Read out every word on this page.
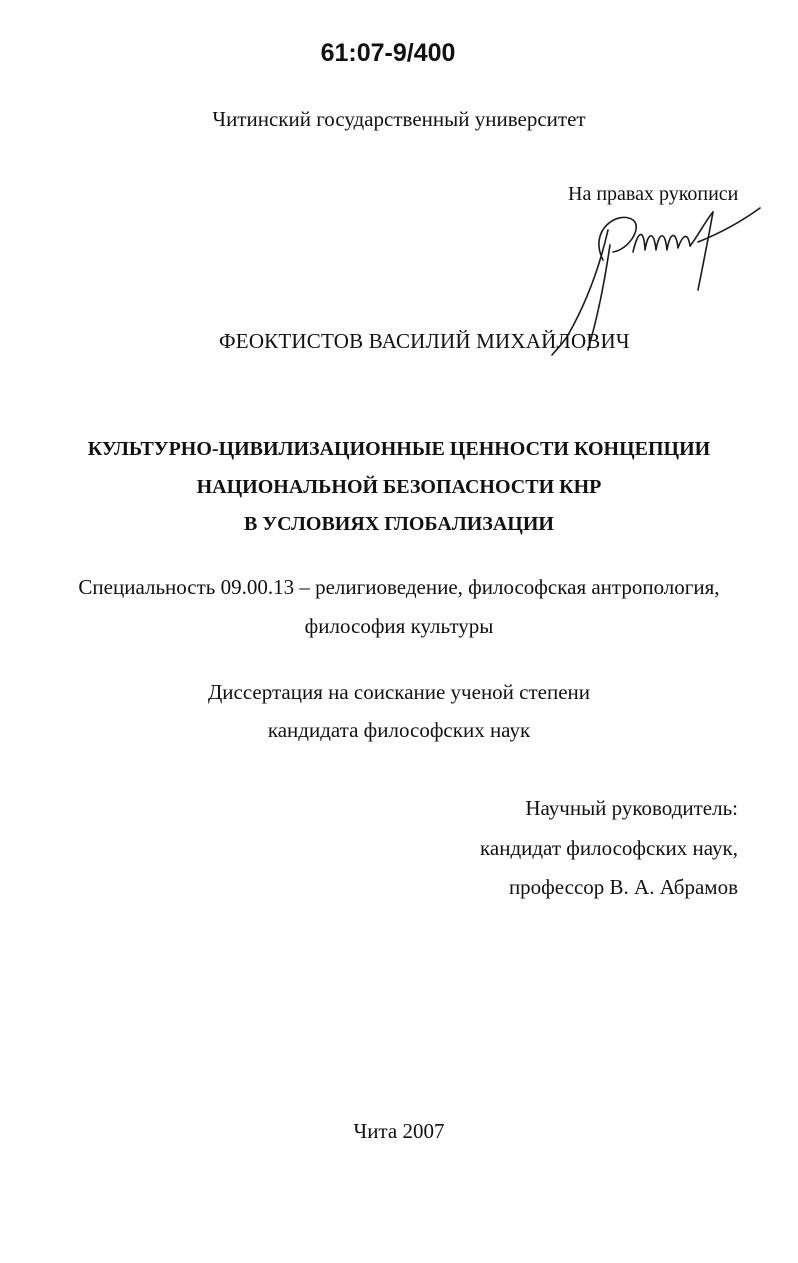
61:07-9/400
Читинский государственный университет
На правах рукописи
ФЕОКТИСТОВ ВАСИЛИЙ МИХАЙЛОВИЧ
КУЛЬТУРНО-ЦИВИЛИЗАЦИОННЫЕ ЦЕННОСТИ КОНЦЕПЦИИ
НАЦИОНАЛЬНОЙ БЕЗОПАСНОСТИ КНР
В УСЛОВИЯХ ГЛОБАЛИЗАЦИИ
Специальность 09.00.13 – религиоведение, философская антропология,
философия культуры
Диссертация на соискание ученой степени
кандидата философских наук
Научный руководитель:
кандидат философских наук,
профессор В. А. Абрамов
Чита 2007
